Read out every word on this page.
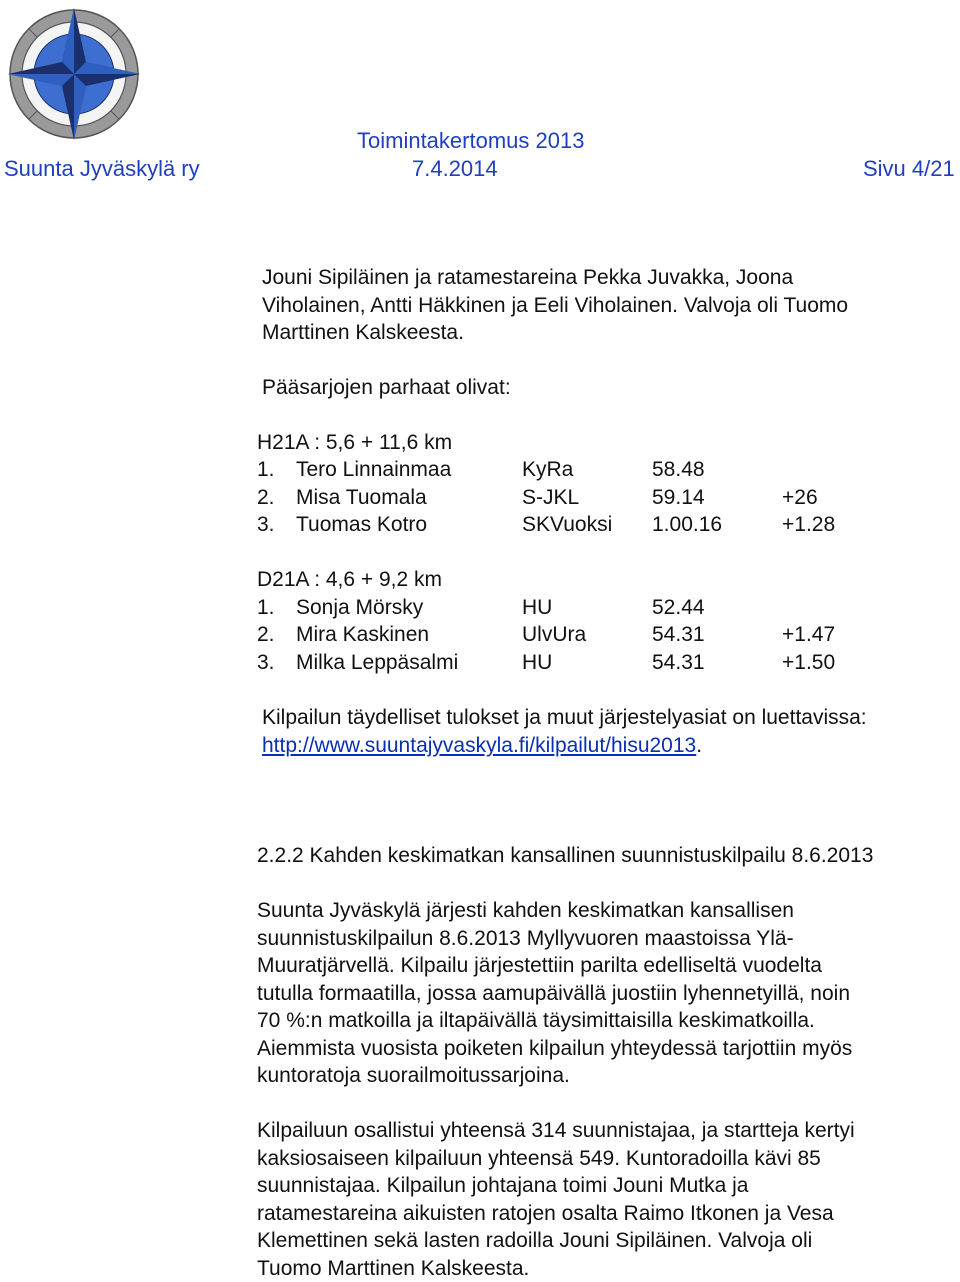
Toimintakertomus 2013
Suunta Jyväskylä ry	7.4.2014	Sivu 4/21
Jouni Sipiläinen ja ratamestareina Pekka Juvakka, Joona
Viholainen, Antti Häkkinen ja Eeli Viholainen. Valvoja oli Tuomo
Marttinen Kalskeesta.
Pääsarjojen parhaat olivat:
H21A : 5,6 + 11,6 km
1. Tero Linnainmaa	KyRa	58.48
2. Misa Tuomala	S-JKL	59.14	+26
3. Tuomas Kotro	SKVuoksi 1.00.16	+1.28
D21A : 4,6 + 9,2 km
1. Sonja Mörsky	HU	52.44
2. Mira Kaskinen	UlvUra	54.31	+1.47
3. Milka Leppäsalmi	HU	54.31	+1.50
Kilpailun täydelliset tulokset ja muut järjestelyasiat on luettavissa:
http://www.suuntajyvaskyla.fi/kilpailut/hisu2013.
2.2.2 Kahden keskimatkan kansallinen suunnistuskilpailu 8.6.2013
Suunta Jyväskylä järjesti kahden keskimatkan kansallisen
suunnistuskilpailun 8.6.2013 Myllyvuoren maastoissa Ylä-
Muuratjärvellä. Kilpailu järjestettiin parilta edelliseltä vuodelta
tutulla formaatilla, jossa aamupäivällä juostiin lyhennetyillä, noin
70 %:n matkoilla ja iltapäivällä täysimittaisilla keskimatkoilla.
Aiemmista vuosista poiketen kilpailun yhteydessä tarjottiin myös
kuntoratoja suorailmoitussarjoina.
Kilpailuun osallistui yhteensä 314 suunnistajaa, ja startteja kertyi
kaksiosaiseen kilpailuun yhteensä 549. Kuntoradoilla kävi 85
suunnistajaa. Kilpailun johtajana toimi Jouni Mutka ja
ratamestareina aikuisten ratojen osalta Raimo Itkonen ja Vesa
Klemettinen sekä lasten radoilla Jouni Sipiläinen. Valvoja oli
Tuomo Marttinen Kalskeesta.
